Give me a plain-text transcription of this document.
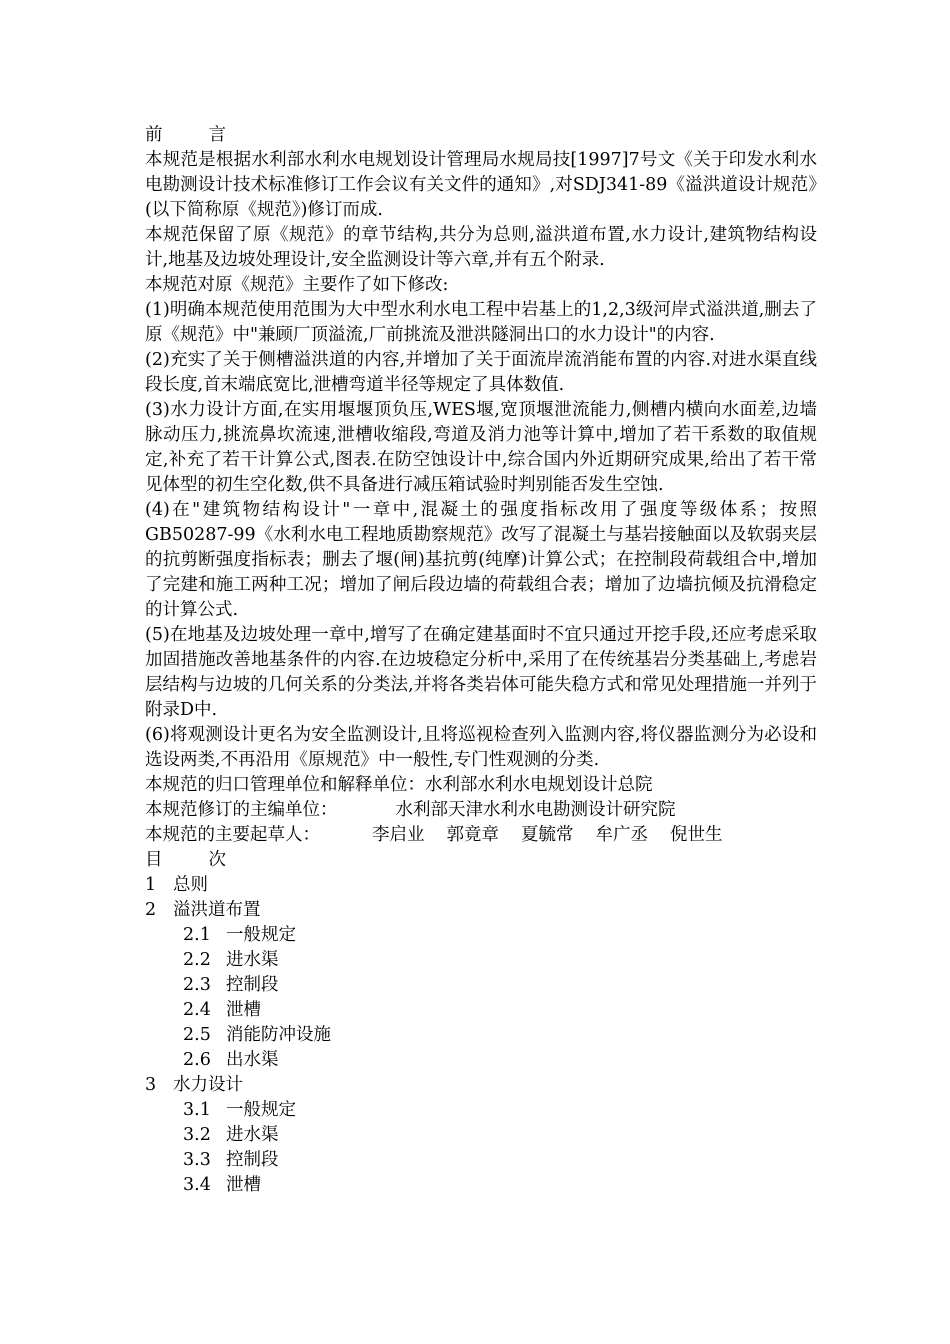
前	言
本规范是根据水利部水利水电规划设计管理局水规局技[1997]7号文《关于印发水利水电勘测设计技术标准修订工作会议有关文件的通知》,对SDJ341-89《溢洪道设计规范》(以下简称原《规范》)修订而成.
本规范保留了原《规范》的章节结构,共分为总则,溢洪道布置,水力设计,建筑物结构设计,地基及边坡处理设计,安全监测设计等六章,并有五个附录.
本规范对原《规范》主要作了如下修改:
(1)明确本规范使用范围为大中型水利水电工程中岩基上的1,2,3级河岸式溢洪道,删去了原《规范》中"兼顾厂顶溢流,厂前挑流及泄洪隧洞出口的水力设计"的内容.
(2)充实了关于侧槽溢洪道的内容,并增加了关于面流岸流消能布置的内容.对进水渠直线段长度,首末端底宽比,泄槽弯道半径等规定了具体数值.
(3)水力设计方面,在实用堰堰顶负压,WES堰,宽顶堰泄流能力,侧槽内横向水面差,边墙脉动压力,挑流鼻坎流速,泄槽收缩段,弯道及消力池等计算中,增加了若干系数的取值规定,补充了若干计算公式,图表.在防空蚀设计中,综合国内外近期研究成果,给出了若干常见体型的初生空化数,供不具备进行减压箱试验时判别能否发生空蚀.
(4)在"建筑物结构设计"一章中,混凝土的强度指标改用了强度等级体系；按照GB50287-99《水利水电工程地质勘察规范》改写了混凝土与基岩接触面以及软弱夹层的抗剪断强度指标表；删去了堰(闸)基抗剪(纯摩)计算公式；在控制段荷载组合中,增加了完建和施工两种工况；增加了闸后段边墙的荷载组合表；增加了边墙抗倾及抗滑稳定的计算公式.
(5)在地基及边坡处理一章中,增写了在确定建基面时不宜只通过开挖手段,还应考虑采取加固措施改善地基条件的内容.在边坡稳定分析中,采用了在传统基岩分类基础上,考虑岩层结构与边坡的几何关系的分类法,并将各类岩体可能失稳方式和常见处理措施一并列于附录D中.
(6)将观测设计更名为安全监测设计,且将巡视检查列入监测内容,将仪器监测分为必设和选设两类,不再沿用《原规范》中一般性,专门性观测的分类.
本规范的归口管理单位和解释单位：水利部水利水电规划设计总院
本规范修订的主编单位：	水利部天津水利水电勘测设计研究院
本规范的主要起草人：	李启业 郭竟章 夏毓常 牟广丞 倪世生
目	次
1 总则
2 溢洪道布置
2.1 一般规定
2.2 进水渠
2.3 控制段
2.4 泄槽
2.5 消能防冲设施
2.6 出水渠
3 水力设计
3.1 一般规定
3.2 进水渠
3.3 控制段
3.4 泄槽
